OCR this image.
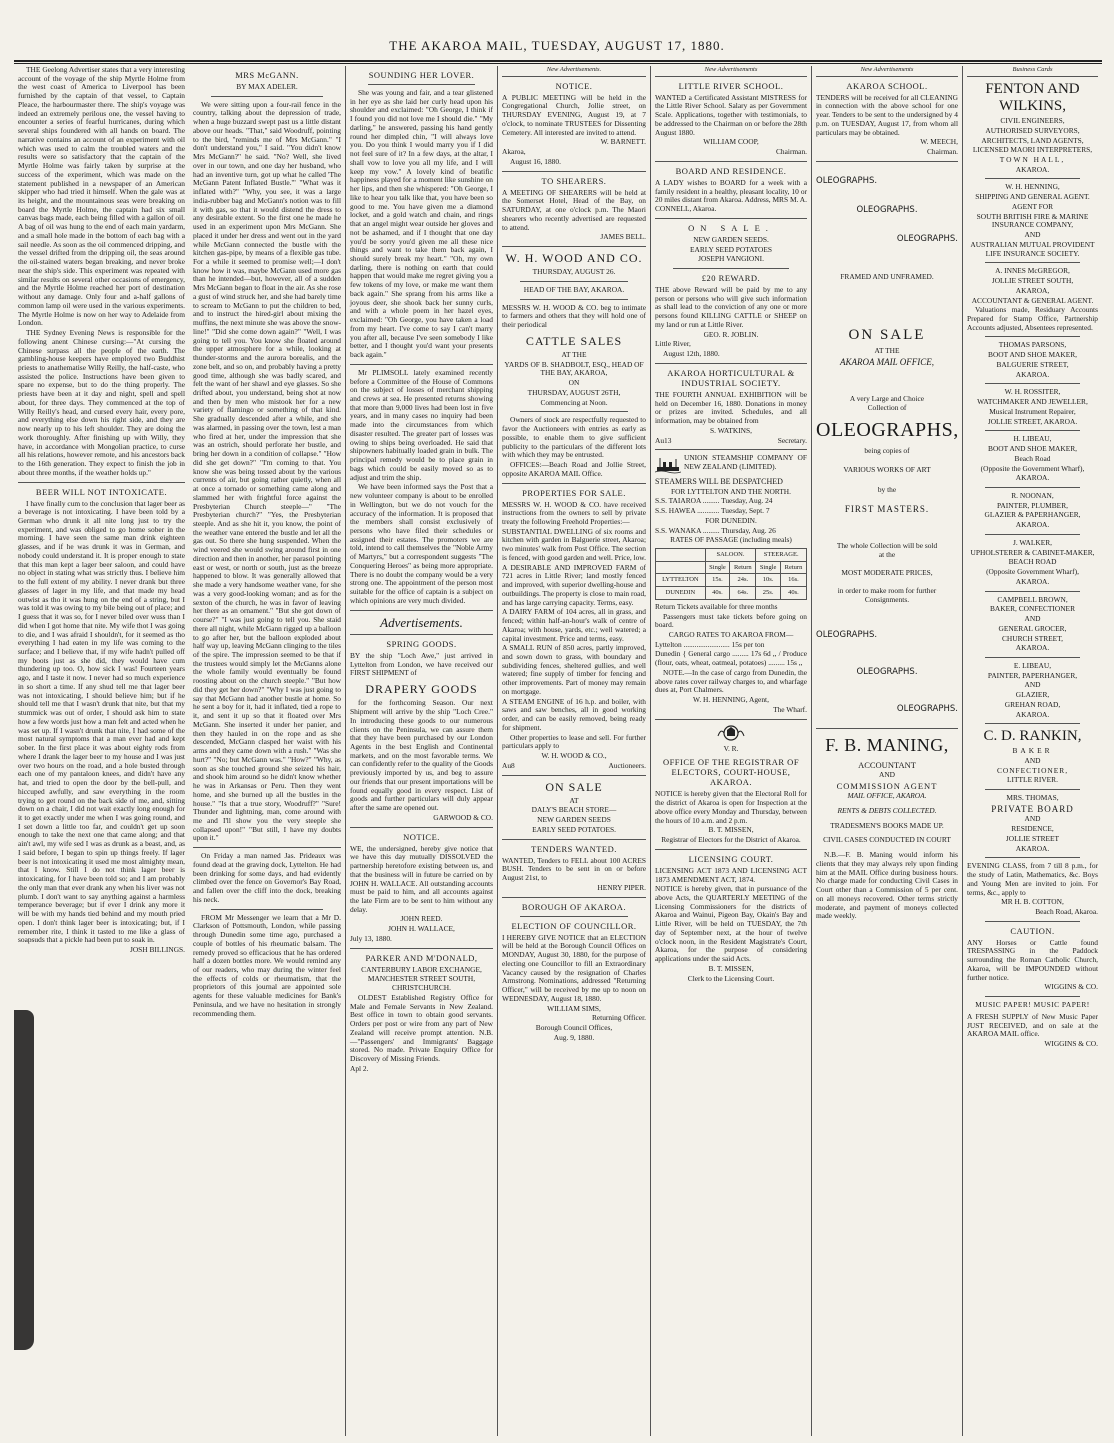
THE AKAROA MAIL, TUESDAY, AUGUST 17, 1880.

THE Geelong Advertiser states that a very interesting account of the voyage of the ship Myrtle Holme from the west coast of America to Liverpool has been furnished by the captain of that vessel, to Captain Pleace, the harbourmaster there. The ship's voyage was indeed an extremely perilous one, the vessel having to encounter a series of fearful hurricanes, during which several ships foundered with all hands on board. The narrative contains an account of an experiment with oil which was used to calm the troubled waters and the results were so satisfactory that the captain of the Myrtle Holme was fairly taken by surprise at the success of the experiment, which was made on the statement published in a newspaper of an American skipper who had tried it himself. When the gale was at its height, and the mountainous seas were breaking on board the Myrtle Holme, the captain had six small canvas bags made, each being filled with a gallon of oil. A bag of oil was hung to the end of each main yardarm, and a small hole made in the bottom of each bag with a sail needle. As soon as the oil commenced dripping, and the vessel drifted from the dripping oil, the seas around the oil-stained waters began breaking, and never broke near the ship's side. This experiment was repeated with similar results on several other occasions of emergency, and the Myrtle Holme reached her port of destination without any damage. Only four and a-half gallons of common lamp oil were used in the various experiments. The Myrtle Holme is now on her way to Adelaide from London.

THE Sydney Evening News is responsible for the following anent Chinese cursing:—"At cursing the Chinese surpass all the people of the earth. The gambling-house keepers have employed two Buddhist priests to anathematise Willy Reilly, the half-caste, who assisted the police. Instructions have been given to spare no expense, but to do the thing properly. The priests have been at it day and night, spell and spell about, for three days. They commenced at the top of Willy Reilly's head, and cursed every hair, every pore, and everything else down his right side, and they are now nearly up to his left shoulder. They are doing the work thoroughly. After finishing up with Willy, they have, in accordance with Mongolian practice, to curse all his relations, however remote, and his ancestors back to the 16th generation. They expect to finish the job in about three months, if the weather holds up."

BEER WILL NOT INTOXICATE.

I have finally cum to the conclusion that lager beer as a beverage is not intoxicating. I have been told by a German who drunk it all nite long just to try the experiment, and was obliged to go home sober in the morning. I have seen the same man drink eighteen glasses, and if he was drunk it was in German, and nobody could understand it. It is proper enough to state that this man kept a lager beer saloon, and could have no object in stating what was strictly thus. I believe him to the full extent of my ability. I never drank but three glasses of lager in my life, and that made my head outwist as tho it was hung on the end of a string, but I was told it was owing to my bile being out of place; and I guess that it was so, for I never biled over wuss than I did when I got home that nite. My wife thot I was going to die, and I was afraid I shouldn't, for it seemed as tho everything I had eaten in my life was coming to the surface; and I believe that, if my wife hadn't pulled off my boots just as she did, they would have cum thundering up too. O, how sick I was! Fourteen years ago, and I taste it now. I never had so much experience in so short a time. If any shud tell me that lager beer was not intoxicating, I should believe him; but if he should tell me that I wasn't drunk that nite, but that my stummick was out of order, I should ask him to state how a few words just how a man felt and acted when he was set up. If I wasn't drunk that nite, I had some of the most natural symptoms that a man ever had and kept sober. In the first place it was about eighty rods from where I drank the lager beer to my house and I was just over two hours on the road, and a hole busted through each one of my pantaloon knees, and didn't have any hat, and tried to open the door by the bell-pull, and hiccuped awfully, and saw everything in the room trying to get round on the back side of me, and, sitting down on a chair, I did not wait exactly long enough for it to get exactly under me when I was going round, and I set down a little too far, and couldn't get up soon enough to take the next one that came along; and that ain't awl, my wife sed I was as drunk as a beast, and, as I said before, I began to spin up things freely. If lager beer is not intoxicating it used me most almighty mean, that I know. Still I do not think lager beer is intoxicating, for I have been told so; and I am probably the only man that ever drank any when his liver was not plumb. I don't want to say anything against a harmless temperance beverage; but if ever I drink any more it will be with my hands tied behind and my mouth pried open. I don't think lager beer is intoxicating; but, if I remember rite, I think it tasted to me like a glass of soapsuds that a pickle had been put to soak in.

JOSH BILLINGS.

MRS McGANN.

BY MAX ADELER.

We were sitting upon a four-rail fence in the country, talking about the depression of trade, when a huge buzzard swept past us a little distant above our heads. "That," said Woodruff, pointing to the bird, "reminds me of Mrs McGann." "I don't understand you," I said. "You didn't know Mrs McGann?" he said. "No? Well, she lived over in our town, and one day her husband, who had an inventive turn, got up what he called 'The McGann Patent Inflated Bustle.'" "What was it inflated with?" "Why, you see, it was a large india-rubber bag and McGann's notion was to fill it with gas, so that it would distend the dress to any desirable extent. So the first one he made he used in an experiment upon Mrs McGann. She placed it under her dress and went out in the yard while McGann connected the bustle with the kitchen gas-pipe, by means of a flexible gas tube. For a while it seemed to promise well;—I don't know how it was, maybe McGann used more gas than he intended—but, however, all of a sudden Mrs McGann began to float in the air. As she rose a gust of wind struck her, and she had barely time to scream to McGann to put the children to bed, and to instruct the hired-girl about mixing the muffins, the next minute she was above the snow-line!" "Did she come down again?" "Well, I was going to tell you. You know she floated around the upper atmosphere for a while, looking at thunder-storms and the aurora borealis, and the zone belt, and so on, and probably having a pretty good time, although she was badly scared, and felt the want of her shawl and eye glasses. So she drifted about, you understand, being shot at now and then by men who mistook her for a new variety of flamingo or something of that kind. She gradually descended after a while, and she was alarmed, in passing over the town, lest a man who fired at her, under the impression that she was an ostrich, should perforate her bustle, and bring her down in a condition of collapse." "How did she get down?" "I'm coming to that. You know she was being tossed about by the various currents of air, but going rather quietly, when all at once a tornado or something came along and slammed her with frightful force against the Presbyterian Church steeple—" "The Presbyterian church?" "Yes, the Presbyterian steeple. And as she hit it, you know, the point of the weather vane entered the bustle and let all the gas out. So there she hung suspended. When the wind veered she would swing around first in one direction and then in another, her parasol pointing east or west, or north or south, just as the breeze happened to blow. It was generally allowed that she made a very handsome weather vane, for she was a very good-looking woman; and as for the sexton of the church, he was in favor of leaving her there as an ornament." "But she got down of course?" "I was just going to tell you. She staid there all night, while McGann rigged up a balloon to go after her, but the balloon exploded about half way up, leaving McGann clinging to the tiles of the spire. The impression seemed to be that if the trustees would simply let the McGanns alone the whole family would eventually be found roosting about on the church steeple." "But how did they get her down?" "Why I was just going to say that McGann had another bustle at home. So he sent a boy for it, had it inflated, tied a rope to it, and sent it up so that it floated over Mrs McGann. She inserted it under her panier, and then they hauled in on the rope and as she descended, McGann clasped her waist with his arms and they came down with a rush." "Was she hurt?" "No; but McGann was." "How?" "Why, as soon as she touched ground she seized his hair, and shook him around so he didn't know whether he was in Arkansas or Peru. Then they went home, and she burned up all the bustles in the house." "Is that a true story, Woodruff?" "Sure! Thunder and lightning, man, come around with me and I'll show you the very steeple she collapsed upon!" "But still, I have my doubts upon it."

On Friday a man named Jas. Prideaux was found dead at the graving dock, Lyttelton. He had been drinking for some days, and had evidently climbed over the fence on Governor's Bay Road, and fallen over the cliff into the dock, breaking his neck.

FROM Mr Messenger we learn that a Mr D. Clarkson of Pottsmouth, London, while passing through Dunedin some time ago, purchased a couple of bottles of his rheumatic balsam. The remedy proved so efficacious that he has ordered half a dozen bottles more. We would remind any of our readers, who may during the winter feel the effects of colds or rheumatism, that the proprietors of this journal are appointed sole agents for these valuable medicines for Bank's Peninsula, and we have no hesitation in strongly recommending them.

SOUNDING HER LOVER.

She was young and fair, and a tear glistened in her eye as she laid her curly head upon his shoulder and exclaimed: "Oh George, I think if I found you did not love me I should die." "My darling," he answered, passing his hand gently round her dimpled chin, "I will always love you. Do you think I would marry you if I did not feel sure of it? In a few days, at the altar, I shall vow to love you all my life, and I will keep my vow." A lovely kind of beatific happiness played for a moment like sunshine on her lips, and then she whispered: "Oh George, I like to hear you talk like that, you have been so good to me. You have given me a diamond locket, and a gold watch and chain, and rings that an angel might wear outside her gloves and not be ashamed, and if I thought that one day you'd be sorry you'd given me all these nice things and want to take them back again, I should surely break my heart." "Oh, my own darling, there is nothing on earth that could happen that would make me regret giving you a few tokens of my love, or make me want them back again." She sprang from his arms like a joyous deer, she shook back her sunny curls, and with a whole poem in her hazel eyes, exclaimed: "Oh George, you have taken a load from my heart. I've come to say I can't marry you after all, because I've seen somebody I like better, and I thought you'd want your presents back again."

Mr PLIMSOLL lately examined recently before a Committee of the House of Commons on the subject of losses of merchant shipping and crews at sea. He presented returns showing that more than 9,000 lives had been lost in five years, and in many cases no inquiry had been made into the circumstances from which disaster resulted. The greater part of losses was owing to ships being overloaded. He said that shipowners habitually loaded grain in bulk. The principal remedy would be to place grain in bags which could be easily moved so as to adjust and trim the ship.

We have been informed says the Post that a new volunteer company is about to be enrolled in Wellington, but we do not vouch for the accuracy of the information. It is proposed that the members shall consist exclusively of persons who have filed their schedules or assigned their estates. The promoters we are told, intend to call themselves the "Noble Army of Martyrs," but a correspondent suggests "The Conquering Heroes" as being more appropriate. There is no doubt the company would be a very strong one. The appointment of the person most suitable for the office of captain is a subject on which opinions are very much divided.

Advertisements.
SPRING GOODS.

BY the ship "Loch Awe," just arrived in Lyttelton from London, we have received our FIRST SHIPMENT of

DRAPERY GOODS

for the forthcoming Season. Our next Shipment will arrive by the ship "Loch Cree." In introducing these goods to our numerous clients on the Peninsula, we can assure them that they have been purchased by our London Agents in the best English and Continental markets, and on the most favorable terms. We can confidently refer to the quality of the Goods previously imported by us, and beg to assure our friends that our present importations will be found equally good in every respect. List of goods and further particulars will duly appear after the same are opened out.

GARWOOD & CO.

NOTICE.

WE, the undersigned, hereby give notice that we have this day mutually DISSOLVED the partnership heretofore existing between us, and that the business will in future be carried on by JOHN H. WALLACE. All outstanding accounts must be paid to him, and all accounts against the late Firm are to be sent to him without any delay.

JOHN REED.

JOHN H. WALLACE,

July 13, 1880.

PARKER AND M'DONALD,

CANTERBURY LABOR EXCHANGE,

MANCHESTER STREET SOUTH, CHRISTCHURCH.

OLDEST Established Registry Office for Male and Female Servants in New Zealand. Best office in town to obtain good servants. Orders per post or wire from any part of New Zealand will receive prompt attention. N.B.—"Passengers' and Immigrants' Baggage stored. No made. Private Enquiry Office for Discovery of Missing Friends.

Apl 2.

New Advertisements.
NOTICE.

A PUBLIC MEETING will be held in the Congregational Church, Jollie street, on THURSDAY EVENING, August 19, at 7 o'clock, to nominate TRUSTEES for Dissenting Cemetery. All interested are invited to attend.

W. BARNETT.

Akaroa,

August 16, 1880.

TO SHEARERS.

A MEETING OF SHEARERS will be held at the Somerset Hotel, Head of the Bay, on SATURDAY, at one o'clock p.m. The Maori shearers who recently advertised are requested to attend.

JAMES BELL.

W. H. WOOD AND CO.

THURSDAY, AUGUST 26.

HEAD OF THE BAY, AKAROA.

MESSRS W. H. WOOD & CO. beg to intimate to farmers and others that they will hold one of their periodical

CATTLE SALES

AT THE

YARDS OF B. SHADBOLT, ESQ., HEAD OF THE BAY, AKAROA,

ON

THURSDAY, AUGUST 26TH,

Commencing at Noon.

Owners of stock are respectfully requested to favor the Auctioneers with entries as early as possible, to enable them to give sufficient publicity to the particulars of the different lots with which they may be entrusted.

OFFICES:—Beach Road and Jollie Street, opposite AKAROA MAIL Office.

PROPERTIES FOR SALE.

MESSRS W. H. WOOD & CO. have received instructions from the owners to sell by private treaty the following Freehold Properties:—

SUBSTANTIAL DWELLING of six rooms and kitchen with garden in Balguerie street, Akaroa; two minutes' walk from Post Office. The section is fenced, with good garden and well. Price, low.

A DESIRABLE AND IMPROVED FARM of 721 acres in Little River; land mostly fenced and improved, with superior dwelling-house and outbuildings. The property is close to main road, and has large carrying capacity. Terms, easy.

A DAIRY FARM of 104 acres, all in grass, and fenced; within half-an-hour's walk of centre of Akaroa; with house, yards, etc.; well watered; a capital investment. Price and terms, easy.

A SMALL RUN of 850 acres, partly improved, and sown down to grass, with boundary and subdividing fences, sheltered gullies, and well watered; fine supply of timber for fencing and other improvements. Part of money may remain on mortgage.

A STEAM ENGINE of 16 h.p. and boiler, with saws and saw benches, all in good working order, and can be easily removed, being ready for shipment.

Other properties to lease and sell. For further particulars apply to

W. H. WOOD & CO.,

Au8	Auctioneers.

ON SALE

AT

DALY'S BEACH STORE—

NEW GARDEN SEEDS

EARLY SEED POTATOES.

TENDERS WANTED.

WANTED, Tenders to FELL about 100 ACRES BUSH. Tenders to be sent in on or before August 21st, to

HENRY PIPER.

BOROUGH OF AKAROA.
ELECTION OF COUNCILLOR.

I HEREBY GIVE NOTICE that an ELECTION will be held at the Borough Council Offices on MONDAY, August 30, 1880, for the purpose of electing one Councillor to fill an Extraordinary Vacancy caused by the resignation of Charles Armstrong. Nominations, addressed "Returning Officer," will be received by me up to noon on WEDNESDAY, August 18, 1880.

WILLIAM SIMS,

Returning Officer.

Borough Council Offices,

Aug. 9, 1880.

New Advertisements
LITTLE RIVER SCHOOL.

WANTED a Certificated Assistant MISTRESS for the Little River School. Salary as per Government Scale. Applications, together with testimonials, to be addressed to the Chairman on or before the 28th August 1880.

WILLIAM COOP,

Chairman.

BOARD AND RESIDENCE.

A LADY wishes to BOARD for a week with a family resident in a healthy, pleasant locality, 10 or 20 miles distant from Akaroa. Address, MRS M. A. CONNELL, Akaroa.

ON SALE.

NEW GARDEN SEEDS.

EARLY SEED POTATOES

JOSEPH VANGIONI.

£20 REWARD.

THE above Reward will be paid by me to any person or persons who will give such information as shall lead to the conviction of any one or more persons found KILLING CATTLE or SHEEP on my land or run at Little River.

GEO. R. JOBLIN.

Little River,

August 12th, 1880.

AKAROA HORTICULTURAL & INDUSTRIAL SOCIETY.

THE FOURTH ANNUAL EXHIBITION will be held on December 16, 1880. Donations in money or prizes are invited. Schedules, and all information, may be obtained from

S. WATKINS,

Au13	Secretary.

UNION STEAMSHIP COMPANY OF NEW ZEALAND (LIMITED).

STEAMERS WILL BE DESPATCHED

FOR LYTTELTON AND THE NORTH.

S.S. TAIAROA ......... Tuesday, Aug. 24

S.S. HAWEA ............ Tuesday, Sept. 7

FOR DUNEDIN.

S.S. WANAKA ......... Thursday, Aug. 26

RATES OF PASSAGE (including meals)

	SALOON.		STEERAGE.	
	Single	Return	Single	Return
LYTTELTON	15s.	24s.	10s.	16s.
DUNEDIN	40s.	64s.	25s.	40s.

Return Tickets available for three months

Passengers must take tickets before going on board.

CARGO RATES TO AKAROA FROM—

Lyttelton ......................... 15s per ton

Dunedin { General cargo ......... 17s 6d ,, / Produce (flour, oats, wheat, oatmeal, potatoes) ......... 15s ,,

NOTE.—In the case of cargo from Dunedin, the above rates cover railway charges to, and wharfage dues at, Port Chalmers.

W. H. HENNING, Agent,

The Wharf.

V. R.

OFFICE OF THE REGISTRAR OF ELECTORS, COURT-HOUSE, AKAROA.

NOTICE is hereby given that the Electoral Roll for the district of Akaroa is open for Inspection at the above office every Monday and Thursday, between the hours of 10 a.m. and 2 p.m.

B. T. MISSEN,

Registrar of Electors for the District of Akaroa.

LICENSING COURT.

LICENSING ACT 1873 AND LICENSING ACT 1873 AMENDMENT ACT, 1874.

NOTICE is hereby given, that in pursuance of the above Acts, the QUARTERLY MEETING of the Licensing Commissioners for the districts of Akaroa and Wainui, Pigeon Bay, Okain's Bay and Little River, will be held on TUESDAY, the 7th day of September next, at the hour of twelve o'clock noon, in the Resident Magistrate's Court, Akaroa, for the purpose of considering applications under the said Acts.

B. T. MISSEN,

Clerk to the Licensing Court.

New Advertisements
AKAROA SCHOOL.

TENDERS will be received for all CLEANING in connection with the above school for one year. Tenders to be sent to the undersigned by 4 p.m. on TUESDAY, August 17, from whom all particulars may be obtained.

W. MEECH,

Chairman.

OLEOGRAPHS.

OLEOGRAPHS.

OLEOGRAPHS.

FRAMED AND UNFRAMED.

ON SALE

AT THE

AKAROA MAIL OFFICE,

A very Large and Choice

Collection of

OLEOGRAPHS,

being copies of

VARIOUS WORKS OF ART

by the

FIRST MASTERS.

The whole Collection will be sold

at the

MOST MODERATE PRICES,

in order to make room for further

Consignments.

OLEOGRAPHS.

OLEOGRAPHS.

OLEOGRAPHS.

F. B. MANING,

ACCOUNTANT

AND

COMMISSION AGENT

MAIL OFFICE, AKAROA.

RENTS & DEBTS COLLECTED.

TRADESMEN'S BOOKS MADE UP.

CIVIL CASES CONDUCTED IN COURT

N.B.—F. B. Maning would inform his clients that they may always rely upon finding him at the MAIL Office during business hours. No charge made for conducting Civil Cases in Court other than a Commission of 5 per cent. on all moneys recovered. Other terms strictly moderate, and payment of moneys collected made weekly.

Business Cards

FENTON AND WILKINS,

CIVIL ENGINEERS,

AUTHORISED SURVEYORS,

ARCHITECTS, LAND AGENTS,

LICENSED MAORI INTERPRETERS,

TOWN HALL,

AKAROA.

W. H. HENNING,

SHIPPING AND GENERAL AGENT.

AGENT FOR

SOUTH BRITISH FIRE & MARINE INSURANCE COMPANY,

AND

AUSTRALIAN MUTUAL PROVIDENT LIFE INSURANCE SOCIETY.

A. INNES McGREGOR,

JOLLIE STREET SOUTH,

AKAROA,

ACCOUNTANT & GENERAL AGENT.

Valuations made, Residuary Accounts Prepared for Stamp Office, Partnership Accounts adjusted, Absentees represented.

THOMAS PARSONS,

BOOT AND SHOE MAKER,

BALGUERIE STREET,

AKAROA.

W. H. ROSSITER,

WATCHMAKER AND JEWELLER,

Musical Instrument Repairer,

JOLLIE STREET, AKAROA.

H. LIBEAU,

BOOT AND SHOE MAKER,

Beach Road

(Opposite the Government Wharf),

AKAROA.

R. NOONAN,

PAINTER, PLUMBER,

GLAZIER & PAPERHANGER,

AKAROA.

J. WALKER,

UPHOLSTERER & CABINET-MAKER,

BEACH ROAD

(Opposite Government Wharf),

AKAROA.

CAMPBELL BROWN,

BAKER, CONFECTIONER

AND

GENERAL GROCER,

CHURCH STREET,

AKAROA.

E. LIBEAU,

PAINTER, PAPERHANGER,

AND

GLAZIER,

GREHAN ROAD,

AKAROA.

C. D. RANKIN,

BAKER

AND

CONFECTIONER,

LITTLE RIVER.

MRS. THOMAS,

PRIVATE BOARD

AND

RESIDENCE,

JOLLIE STREET

AKAROA.

EVENING CLASS, from 7 till 8 p.m., for the study of Latin, Mathematics, &c. Boys and Young Men are invited to join. For terms, &c., apply to

MR H. B. COTTON,

Beach Road, Akaroa.

CAUTION.

ANY Horses or Cattle found TRESPASSING in the Paddock surrounding the Roman Catholic Church, Akaroa, will be IMPOUNDED without further notice.

WIGGINS & CO.

MUSIC PAPER! MUSIC PAPER!

A FRESH SUPPLY of New Music Paper JUST RECEIVED, and on sale at the AKAROA MAIL office.

WIGGINS & CO.
